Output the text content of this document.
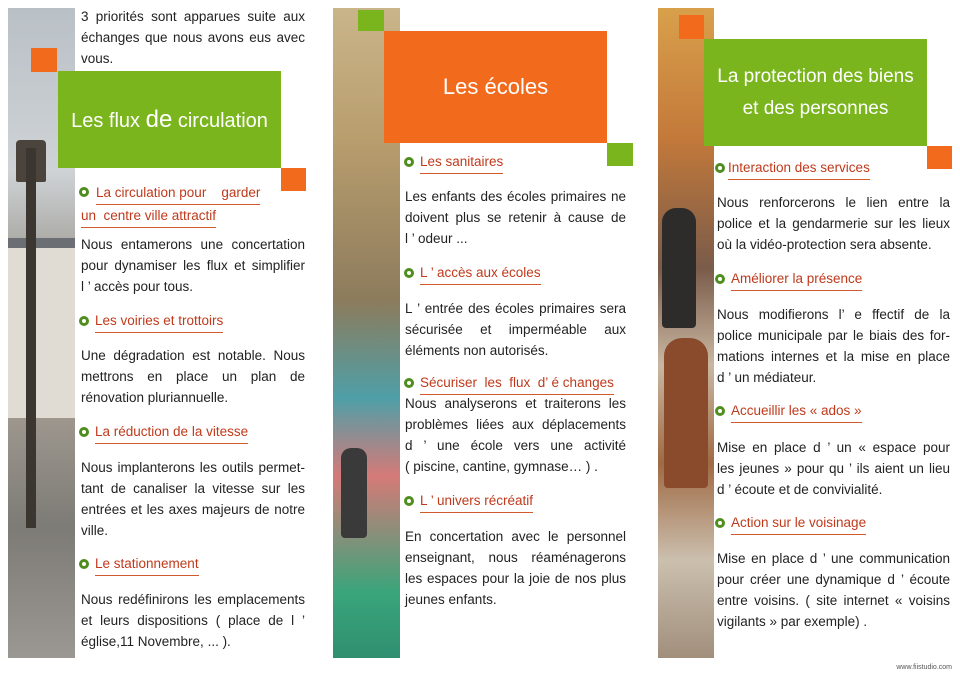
3 priorités sont apparues suite aux
échanges que nous avons eus avec
vous.
Les flux de circulation
La circulation pour    garder
un  centre ville attractif
Nous entamerons une concertation
pour dynamiser les flux et simplifier
l ’ accès pour tous.
Les voiries et trottoirs
Une dégradation est notable. Nous
mettrons en place un plan de
rénovation pluriannuelle.
La réduction de la vitesse
Nous implanterons les outils permet-
tant de canaliser la vitesse sur les
entrées et les axes majeurs de notre
ville.
Le stationnement
Nous redéfinirons les emplacements
et leurs dispositions ( place de l ’
église,11 Novembre, ... ).
Les écoles
Les sanitaires
Les enfants des écoles primaires ne
doivent plus se retenir à cause de
l ’ odeur ...
L ’ accès aux écoles
L ’ entrée des écoles primaires sera
sécurisée et imperméable aux
éléments non autorisés.
Sécuriser  les  flux  d’ é changes
Nous analyserons et traiterons les
problèmes liées aux déplacements
d ’ une école vers une activité
( piscine, cantine, gymnase… ) .
L ’ univers récréatif
En concertation avec le personnel
enseignant, nous réaménagerons
les espaces pour la joie de nos plus
jeunes enfants.
La protection des biens
et des personnes
Interaction des services
Nous renforcerons le lien entre la
police et la gendarmerie sur les lieux
où la vidéo-protection sera absente.
Améliorer la présence
Nous modifierons l’ e ffectif de la
police municipale par le biais des for-
mations internes et la mise en place
d ’ un médiateur.
Accueillir les « ados »
Mise en place d ’ un « espace pour
les jeunes » pour qu ’ ils aient un lieu
d ’ écoute et de convivialité.
Action sur le voisinage
Mise en place d ’ une communication
pour créer une dynamique d ’ écoute
entre voisins. ( site internet « voisins
vigilants » par exemple) .
www.fiistudio.com
